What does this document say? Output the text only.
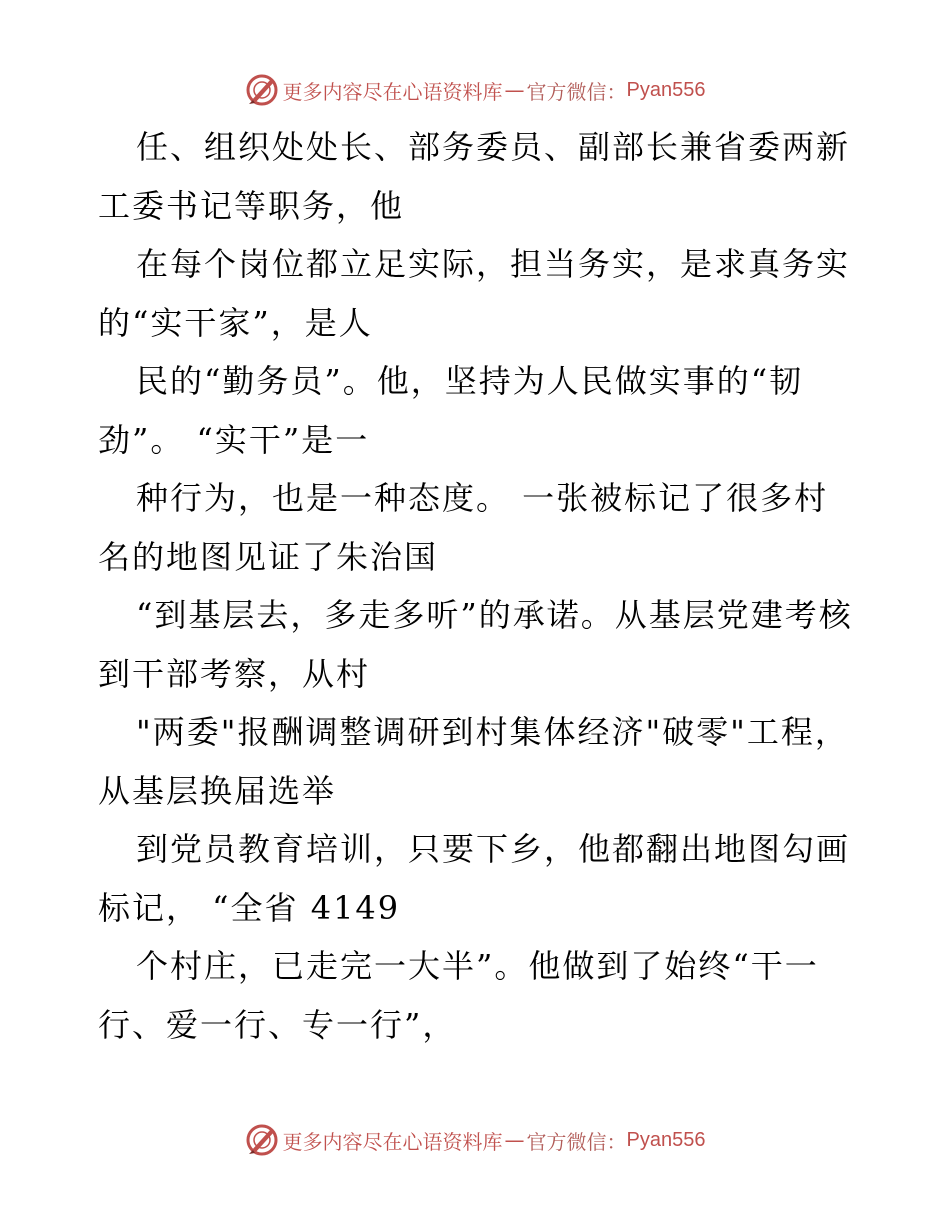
更多内容尽在心语资料库 — 官方微信： Pyan556

任、组织处处长、部务委员、副部长兼省委两新工委书记等职务，他

在每个岗位都立足实际，担当务实，是求真务实的“实干家”，是人

民的“勤务员”。他，坚持为人民做实事的“韧劲”。 “实干”是一

种行为，也是一种态度。 一张被标记了很多村名的地图见证了朱治国

“到基层去，多走多听”的承诺。从基层党建考核到干部考察，从村

"两委"报酬调整调研到村集体经济"破零"工程，从基层换届选举

到党员教育培训，只要下乡，他都翻出地图勾画标记， “全省 4149

个村庄，已走完一大半”。他做到了始终“干一行、爱一行、专一行”，

更多内容尽在心语资料库 — 官方微信： Pyan556
